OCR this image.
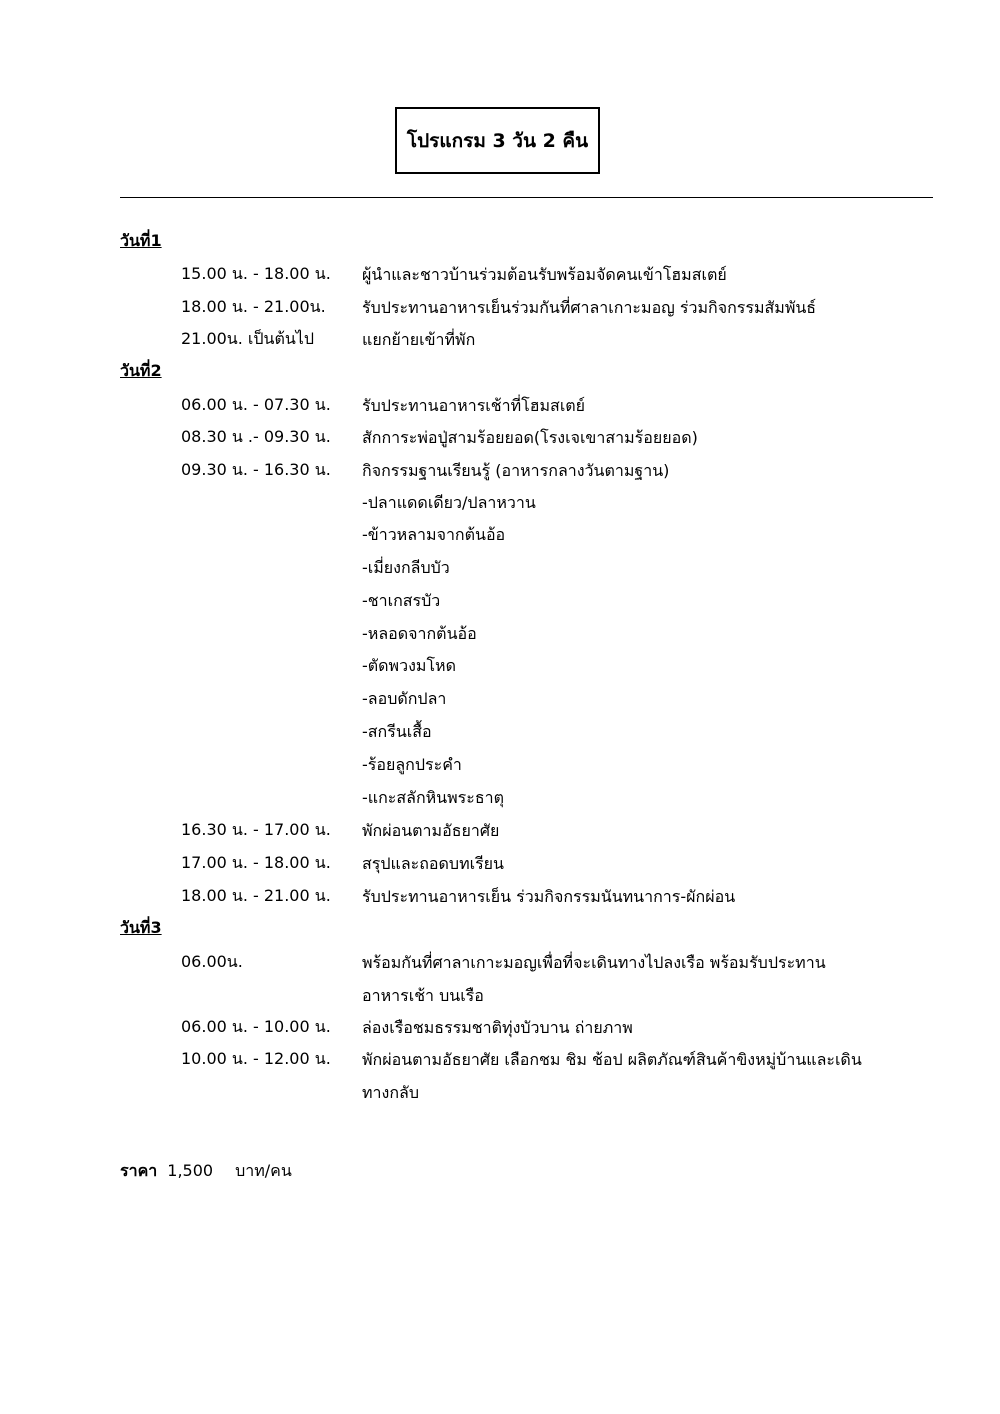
โปรแกรม 3 วัน 2 คืน
วันที่1
15.00 น. - 18.00 น. ผู้นำและชาวบ้านร่วมต้อนรับพร้อมจัดคนเข้าโฮมสเตย์
18.00 น. - 21.00น. รับประทานอาหารเย็นร่วมกันที่ศาลาเกาะมอญ ร่วมกิจกรรมสัมพันธ์
21.00น. เป็นต้นไป	แยกย้ายเข้าที่พัก
วันที่2
06.00 น. - 07.30 น. รับประทานอาหารเช้าที่โฮมสเตย์
08.30 น .- 09.30 น. สักการะพ่อปู่สามร้อยยอด(โรงเจเขาสามร้อยยอด)
09.30 น. - 16.30 น. กิจกรรมฐานเรียนรู้ (อาหารกลางวันตามฐาน)
-ปลาแดดเดียว/ปลาหวาน
-ข้าวหลามจากต้นอ้อ
-เมี่ยงกลีบบัว
-ชาเกสรบัว
-หลอดจากต้นอ้อ
-ตัดพวงมโหด
-ลอบดักปลา
-สกรีนเสื้อ
-ร้อยลูกประคำ
-แกะสลักหินพระธาตุ
16.30 น. - 17.00 น. พักผ่อนตามอัธยาศัย
17.00 น. - 18.00 น. สรุปและถอดบทเรียน
18.00 น. - 21.00 น. รับประทานอาหารเย็น ร่วมกิจกรรมนันทนาการ-ผักผ่อน
วันที่3
06.00น.	พร้อมกันที่ศาลาเกาะมอญเพื่อที่จะเดินทางไปลงเรือ พร้อมรับประทานอาหารเช้า บนเรือ
06.00 น. - 10.00 น. ล่องเรือชมธรรมชาติทุ่งบัวบาน ถ่ายภาพ
10.00 น. - 12.00 น. พักผ่อนตามอัธยาศัย เลือกชม ชิม ช้อป ผลิตภัณฑ์สินค้าขิงหมู่บ้านและเดินทางกลับ
ราคา 1,500 บาท/คน
